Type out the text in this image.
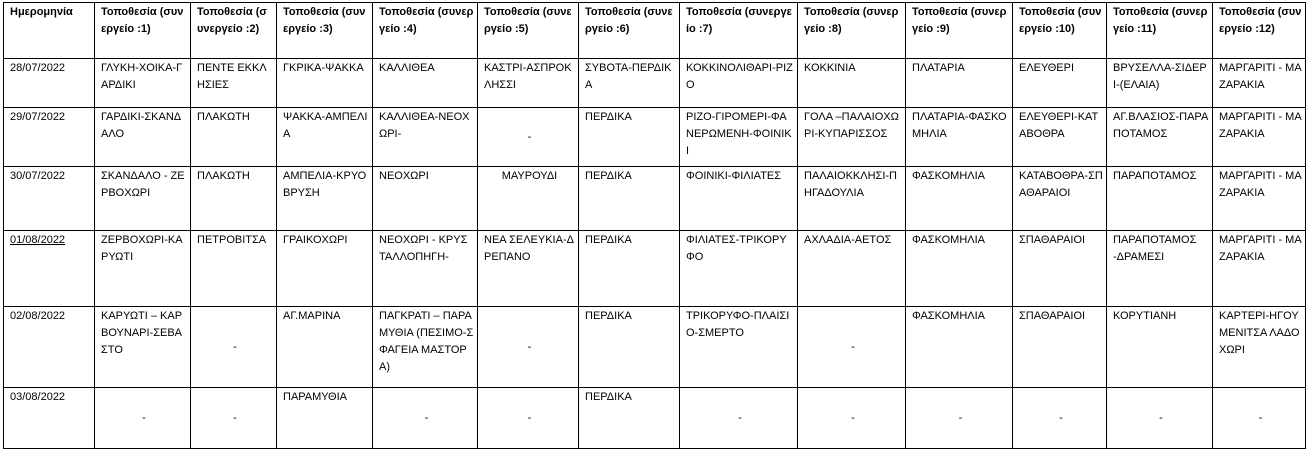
Ημερομηνία	Τοποθεσία (συνεργείο :1)	Τοποθεσία (συνεργείο :2)	Τοποθεσία (συνεργείο :3)	Τοποθεσία (συνεργείο :4)	Τοποθεσία (συνεργείο :5)	Τοποθεσία (συνεργείο :6)	Τοποθεσία (συνεργείο :7)	Τοποθεσία (συνεργείο :8)	Τοποθεσία (συνεργείο :9)	Τοποθεσία (συνεργείο :10)	Τοποθεσία (συνεργείο :11)	Τοποθεσία (συνεργείο :12)
28/07/2022	ΓΛΥΚΗ-ΧΟΙΚΑ-ΓΑΡΔΙΚΙ	ΠΕΝΤΕ ΕΚΚΛΗΣΙΕΣ	ΓΚΡΙΚΑ-ΨΑΚΚΑ	ΚΑΛΛΙΘΕΑ	ΚΑΣΤΡΙ-ΑΣΠΡΟΚΛΗΣΣΙ	ΣΥΒΟΤΑ-ΠΕΡΔΙΚΑ	ΚΟΚΚΙΝΟΛΙΘΑΡΙ-ΡΙΖΟ	ΚΟΚΚΙΝΙΑ	ΠΛΑΤΑΡΙΑ	ΕΛΕΥΘΕΡΙ	ΒΡΥΣΕΛΛΑ-ΣΙΔΕΡΙ-(ΕΛΑΙΑ)	ΜΑΡΓΑΡΙΤΙ - ΜΑΖΑΡΑΚΙΑ
29/07/2022	ΓΑΡΔΙΚΙ-ΣΚΑΝΔΑΛΟ	ΠΛΑΚΩΤΗ	ΨΑΚΚΑ-ΑΜΠΕΛΙΑ	ΚΑΛΛΙΘΕΑ-ΝΕΟΧΩΡΙ-	-	ΠΕΡΔΙΚΑ	ΡΙΖΟ-ΓΙΡΟΜΕΡΙ-ΦΑΝΕΡΩΜΕΝΗ-ΦΟΙΝΙΚΙ	ΓΟΛΑ –ΠΑΛΑΙΟΧΩΡΙ-ΚΥΠΑΡΙΣΣΟΣ	ΠΛΑΤΑΡΙΑ-ΦΑΣΚΟΜΗΛΙΑ	ΕΛΕΥΘΕΡΙ-ΚΑΤΑΒΟΘΡΑ	ΑΓ.ΒΛΑΣΙΟΣ-ΠΑΡΑΠΟΤΑΜΟΣ	ΜΑΡΓΑΡΙΤΙ - ΜΑΖΑΡΑΚΙΑ
30/07/2022	ΣΚΑΝΔΑΛΟ - ΖΕΡΒΟΧΩΡΙ	ΠΛΑΚΩΤΗ	ΑΜΠΕΛΙΑ-ΚΡΥΟΒΡΥΣΗ	ΝΕΟΧΩΡΙ	ΜΑΥΡΟΥΔΙ	ΠΕΡΔΙΚΑ	ΦΟΙΝΙΚΙ-ΦΙΛΙΑΤΕΣ	ΠΑΛΑΙΟΚΚΛΗΣΙ-ΠΗΓΑΔΟΥΛΙΑ	ΦΑΣΚΟΜΗΛΙΑ	ΚΑΤΑΒΟΘΡΑ-ΣΠΑΘΑΡΑΙΟΙ	ΠΑΡΑΠΟΤΑΜΟΣ	ΜΑΡΓΑΡΙΤΙ - ΜΑΖΑΡΑΚΙΑ
01/08/2022	ΖΕΡΒΟΧΩΡΙ-ΚΑΡΥΩΤΙ	ΠΕΤΡΟΒΙΤΣΑ	ΓΡΑΙΚΟΧΩΡΙ	ΝΕΟΧΩΡΙ - ΚΡΥΣΤΑΛΛΟΠΗΓΗ-	ΝΕΑ ΣΕΛΕΥΚΙΑ-ΔΡΕΠΑΝΟ	ΠΕΡΔΙΚΑ	ΦΙΛΙΑΤΕΣ-ΤΡΙΚΟΡΥΦΟ	ΑΧΛΑΔΙΑ-ΑΕΤΟΣ	ΦΑΣΚΟΜΗΛΙΑ	ΣΠΑΘΑΡΑΙΟΙ	ΠΑΡΑΠΟΤΑΜΟΣ -ΔΡΑΜΕΣΙ	ΜΑΡΓΑΡΙΤΙ - ΜΑΖΑΡΑΚΙΑ
02/08/2022	ΚΑΡΥΩΤΙ – ΚΑΡΒΟΥΝΑΡΙ-ΣΕΒΑΣΤΟ	-	ΑΓ.ΜΑΡΙΝΑ	ΠΑΓΚΡΑΤΙ – ΠΑΡΑΜΥΘΙΑ (ΠΕΣΙΜΟ-ΣΦΑΓΕΙΑ ΜΑΣΤΟΡΑ)	-	ΠΕΡΔΙΚΑ	ΤΡΙΚΟΡΥΦΟ-ΠΛΑΙΣΙΟ-ΣΜΕΡΤΟ	-	ΦΑΣΚΟΜΗΛΙΑ	ΣΠΑΘΑΡΑΙΟΙ	ΚΟΡΥΤΙΑΝΗ	ΚΑΡΤΕΡΙ-ΗΓΟΥΜΕΝΙΤΣΑ ΛΑΔΟΧΩΡΙ
03/08/2022	-	-	ΠΑΡΑΜΥΘΙΑ	-	-	ΠΕΡΔΙΚΑ	-	-	-	-	-	-
